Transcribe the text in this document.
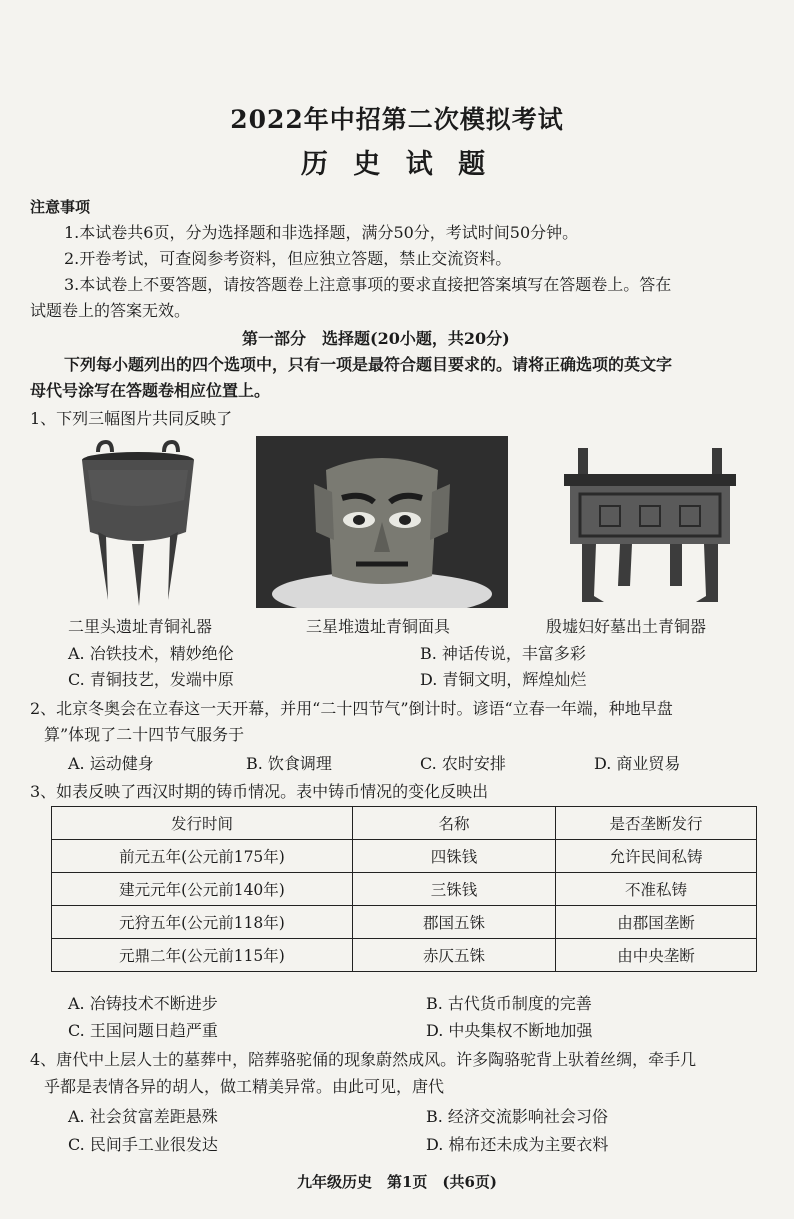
2022年中招第二次模拟考试
历 史 试 题
注意事项
1.本试卷共6页，分为选择题和非选择题，满分50分，考试时间50分钟。
2.开卷考试，可查阅参考资料，但应独立答题，禁止交流资料。
3.本试卷上不要答题，请按答题卷上注意事项的要求直接把答案填写在答题卷上。答在
试题卷上的答案无效。
第一部分　选择题(20小题，共20分)
下列每小题列出的四个选项中，只有一项是最符合题目要求的。请将正确选项的英文字
母代号涂写在答题卷相应位置上。
1、下列三幅图片共同反映了
二里头遗址青铜礼器	三星堆遗址青铜面具	殷墟妇好墓出土青铜器
A. 冶铁技术，精妙绝伦	B. 神话传说，丰富多彩
C. 青铜技艺，发端中原	D. 青铜文明，辉煌灿烂
2、北京冬奥会在立春这一天开幕，并用“二十四节气”倒计时。谚语“立春一年端，种地早盘
算”体现了二十四节气服务于
A. 运动健身	B. 饮食调理	C. 农时安排	D. 商业贸易
3、如表反映了西汉时期的铸币情况。表中铸币情况的变化反映出
发行时间	名称	是否垄断发行
前元五年(公元前175年)	四铢钱	允许民间私铸
建元元年(公元前140年)	三铢钱	不准私铸
元狩五年(公元前118年)	郡国五铢	由郡国垄断
元鼎二年(公元前115年)	赤仄五铢	由中央垄断
A. 冶铸技术不断进步	B. 古代货币制度的完善
C. 王国问题日趋严重	D. 中央集权不断地加强
4、唐代中上层人士的墓葬中，陪葬骆驼俑的现象蔚然成风。许多陶骆驼背上驮着丝绸，牵手几
乎都是表情各异的胡人，做工精美异常。由此可见，唐代
A. 社会贫富差距悬殊	B. 经济交流影响社会习俗
C. 民间手工业很发达	D. 棉布还未成为主要衣料
九年级历史　第1页　(共6页)
